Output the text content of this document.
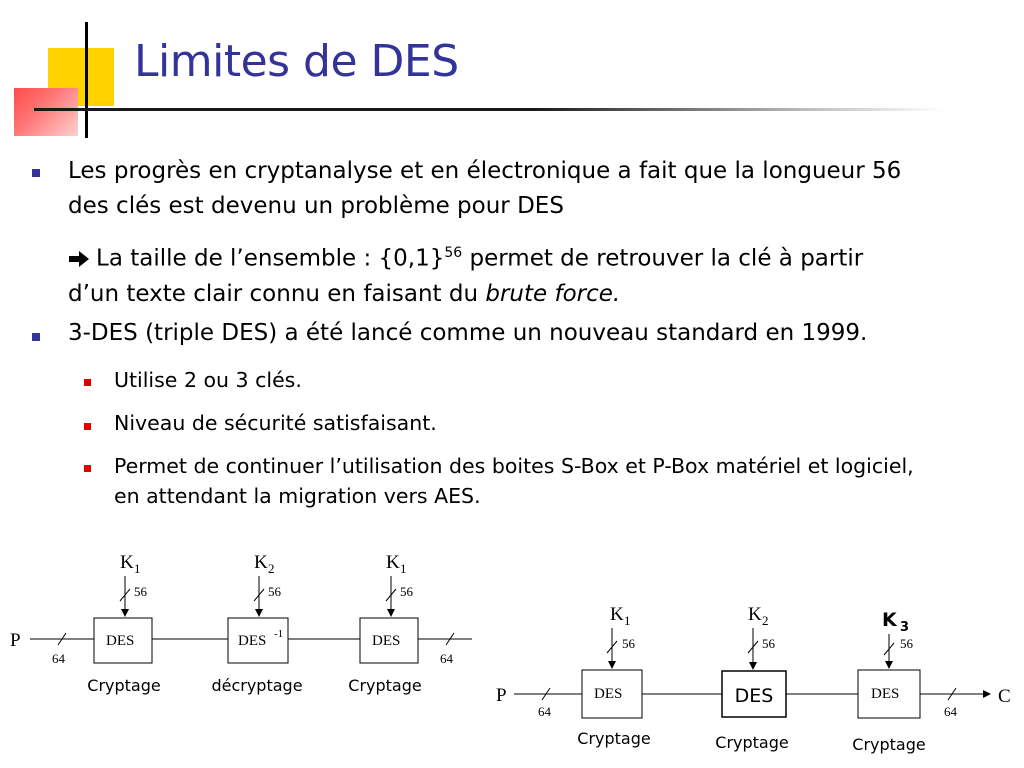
Limites de DES
Les progrès en cryptanalyse et en électronique a fait que la longueur 56
des clés est devenu un problème pour DES
La taille de l’ensemble : $\{0,1\}^{56}$ permet de retrouver la clé à partir
d’un texte clair connu en faisant du brute force.
3-DES (triple DES) a été lancé comme un nouveau standard en 1999.
Utilise 2 ou 3 clés.
Niveau de sécurité satisfaisant.
Permet de continuer l’utilisation des boites S-Box et P-Box matériel et logiciel,
en attendant la migration vers AES.
P
64	64
DES	DES -1	DES
K 1
56
K 2
56
K 1
56
Cryptage	décryptage	Cryptage	P	C
64	64
DES	DES	DES
K 1
56
K 2
56
K 3
56
Cryptage	Cryptage	Cryptage
